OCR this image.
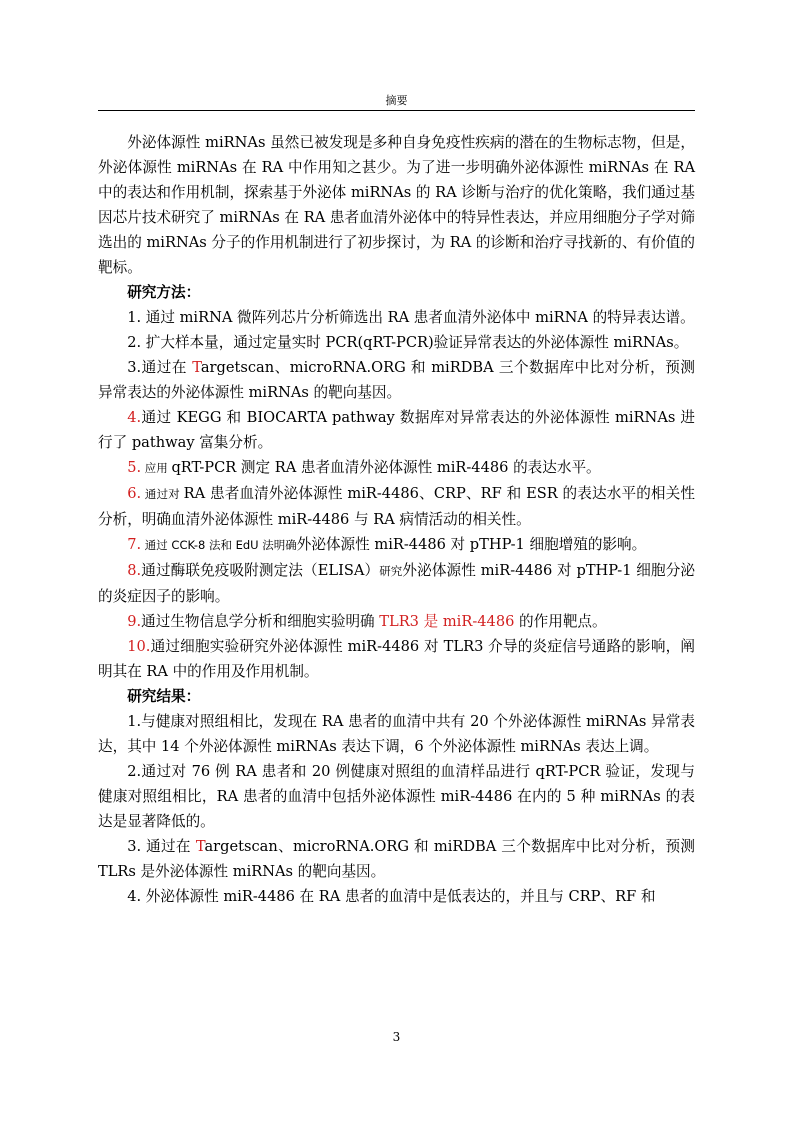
摘要

外泌体源性 miRNAs 虽然已被发现是多种自身免疫性疾病的潜在的生物标志物，但是，外泌体源性 miRNAs 在 RA 中作用知之甚少。为了进一步明确外泌体源性 miRNAs 在 RA 中的表达和作用机制，探索基于外泌体 miRNAs 的 RA 诊断与治疗的优化策略，我们通过基因芯片技术研究了 miRNAs 在 RA 患者血清外泌体中的特异性表达，并应用细胞分子学对筛选出的 miRNAs 分子的作用机制进行了初步探讨，为 RA 的诊断和治疗寻找新的、有价值的靶标。

研究方法：

1. 通过 miRNA 微阵列芯片分析筛选出 RA 患者血清外泌体中 miRNA 的特异表达谱。

2. 扩大样本量，通过定量实时 PCR(qRT-PCR)验证异常表达的外泌体源性 miRNAs。

3.通过在 Targetscan、microRNA.ORG 和 miRDBA 三个数据库中比对分析，预测异常表达的外泌体源性 miRNAs 的靶向基因。

4.通过 KEGG 和 BIOCARTA pathway 数据库对异常表达的外泌体源性 miRNAs 进行了 pathway 富集分析。

5. 应用 qRT-PCR 测定 RA 患者血清外泌体源性 miR-4486 的表达水平。

6. 通过对 RA 患者血清外泌体源性 miR-4486、CRP、RF 和 ESR 的表达水平的相关性分析，明确血清外泌体源性 miR-4486 与 RA 病情活动的相关性。

7. 通过 CCK-8 法和 EdU 法明确外泌体源性 miR-4486 对 pTHP-1 细胞增殖的影响。

8.通过酶联免疫吸附测定法（ELISA）研究外泌体源性 miR-4486 对 pTHP-1 细胞分泌的炎症因子的影响。

9.通过生物信息学分析和细胞实验明确 TLR3 是 miR-4486 的作用靶点。

10.通过细胞实验研究外泌体源性 miR-4486 对 TLR3 介导的炎症信号通路的影响，阐明其在 RA 中的作用及作用机制。

研究结果：

1.与健康对照组相比，发现在 RA 患者的血清中共有 20 个外泌体源性 miRNAs 异常表达，其中 14 个外泌体源性 miRNAs 表达下调，6 个外泌体源性 miRNAs 表达上调。

2.通过对 76 例 RA 患者和 20 例健康对照组的血清样品进行 qRT-PCR 验证，发现与健康对照组相比，RA 患者的血清中包括外泌体源性 miR-4486 在内的 5 种 miRNAs 的表达是显著降低的。

3. 通过在 Targetscan、microRNA.ORG 和 miRDBA 三个数据库中比对分析，预测 TLRs 是外泌体源性 miRNAs 的靶向基因。

4. 外泌体源性 miR-4486 在 RA 患者的血清中是低表达的，并且与 CRP、RF 和

3
